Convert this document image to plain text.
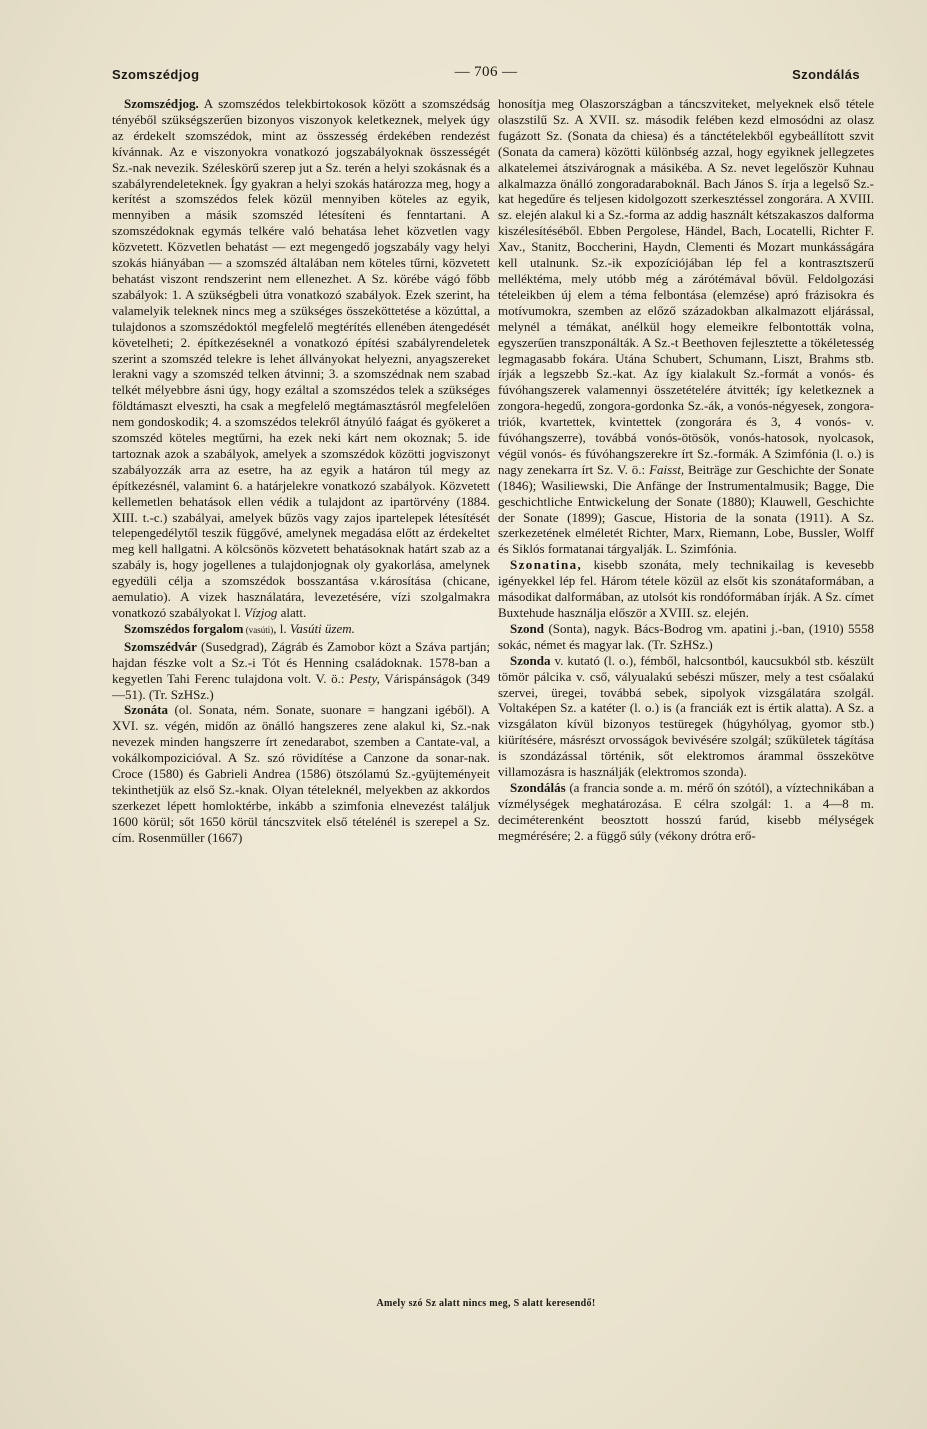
Szomszédjog	— 706 —	Szondálás

Szomszédjog. A szomszédos telekbirtokosok között a szomszédság tényéből szükségszerűen bizonyos viszonyok keletkeznek, melyek úgy az érdekelt szomszédok, mint az összesség érdekében rendezést kívánnak. Az e viszonyokra vonatkozó jogszabályoknak összességét Sz.-nak nevezik. Széleskörű szerep jut a Sz. terén a helyi szokásnak és a szabályrendeleteknek. Így gyakran a helyi szokás határozza meg, hogy a kerítést a szomszédos felek közül mennyiben köteles az egyik, mennyiben a másik szomszéd létesíteni és fenntartani. A szomszédoknak egymás telkére való behatása lehet közvetlen vagy közvetett. Közvetlen behatást — ezt megengedő jogszabály vagy helyi szokás hiányában — a szomszéd általában nem köteles tűrni, közvetett behatást viszont rendszerint nem ellenezhet. A Sz. körébe vágó főbb szabályok: 1. A szükségbeli útra vonatkozó szabályok. Ezek szerint, ha valamelyik teleknek nincs meg a szükséges összeköttetése a közúttal, a tulajdonos a szomszédoktól megfelelő megtérítés ellenében átengedését követelheti; 2. építkezéseknél a vonatkozó építési szabályrendeletek szerint a szomszéd telekre is lehet állványokat helyezni, anyagszereket lerakni vagy a szomszéd telken átvinni; 3. a szomszédnak nem szabad telkét mélyebbre ásni úgy, hogy ezáltal a szomszédos telek a szükséges földtámaszt elveszti, ha csak a megfelelő megtámasztásról megfelelően nem gondoskodik; 4. a szomszédos telekről átnyúló faágat és gyökeret a szomszéd köteles megtűrni, ha ezek neki kárt nem okoznak; 5. ide tartoznak azok a szabályok, amelyek a szomszédok közötti jogviszonyt szabályozzák arra az esetre, ha az egyik a határon túl megy az építkezésnél, valamint 6. a határjelekre vonatkozó szabályok. Közvetett kellemetlen behatások ellen védik a tulajdont az ipartörvény (1884. XIII. t.-c.) szabályai, amelyek bűzös vagy zajos ipartelepek létesítését telepengedélytől teszik függővé, amelynek megadása előtt az érdekeltet meg kell hallgatni. A kölcsönös közvetett behatásoknak határt szab az a szabály is, hogy jogellenes a tulajdonjognak oly gyakorlása, amelynek egyedüli célja a szomszédok bosszantása v.károsítása (chicane, aemulatio). A vizek használatára, levezetésére, vízi szolgalmakra vonatkozó szabályokat l. Vízjog alatt.

Szomszédos forgalom (vasúti), l. Vasúti üzem.

Szomszédvár (Susedgrad), Zágráb és Zamobor közt a Száva partján; hajdan fészke volt a Sz.-i Tót és Henning családoknak. 1578-ban a kegyetlen Tahi Ferenc tulajdona volt. V. ö.: Pesty, Várispánságok (349—51). (Tr. SzHSz.)

Szonáta (ol. Sonata, ném. Sonate, suonare = hangzani igéből). A XVI. sz. végén, midőn az önálló hangszeres zene alakul ki, Sz.-nak nevezek minden hangszerre írt zenedarabot, szemben a Cantate-val, a vokálkompozicióval. A Sz. szó rövidítése a Canzone da sonar-nak. Croce (1580) és Gabrieli Andrea (1586) ötszólamú Sz.-gyüjteményeit tekinthetjük az első Sz.-knak. Olyan tételeknél, melyekben az akkordos szerkezet lépett homloktérbe, inkább a szimfonia elnevezést találjuk 1600 körül; sőt 1650 körül táncszvitek első tételénél is szerepel a Sz. cím. Rosenmüller (1667)

honosítja meg Olaszországban a táncszviteket, melyeknek első tétele olaszstilű Sz. A XVII. sz. második felében kezd elmosódni az olasz fugázott Sz. (Sonata da chiesa) és a tánctételekből egybeállított szvit (Sonata da camera) közötti különbség azzal, hogy egyiknek jellegzetes alkatelemei átszivárognak a másikéba. A Sz. nevet legelőször Kuhnau alkalmazza önálló zongoradaraboknál. Bach János S. írja a legelső Sz.-kat hegedűre és teljesen kidolgozott szerkesztéssel zongorára. A XVIII. sz. elején alakul ki a Sz.-forma az addig használt kétszakaszos dalforma kiszélesítéséből. Ebben Pergolese, Händel, Bach, Locatelli, Richter F. Xav., Stanitz, Boccherini, Haydn, Clementi és Mozart munkásságára kell utalnunk. Sz.-ik expozíciójában lép fel a kontrasztszerű melléktéma, mely utóbb még a zárótémával bővül. Feldolgozási tételeikben új elem a téma felbontása (elemzése) apró frázisokra és motívumokra, szemben az előző századokban alkalmazott eljárással, melynél a témákat, anélkül hogy elemeikre felbontották volna, egyszerűen transzponálták. A Sz.-t Beethoven fejlesztette a tökéletesség legmagasabb fokára. Utána Schubert, Schumann, Liszt, Brahms stb. írják a legszebb Sz.-kat. Az így kialakult Sz.-formát a vonós- és fúvóhangszerek valamennyi összetételére átvitték; így keletkeznek a zongora-hegedű, zongora-gordonka Sz.-ák, a vonós-négyesek, zongora-triók, kvartettek, kvintettek (zongorára és 3, 4 vonós- v. fúvóhangszerre), továbbá vonós-ötösök, vonós-hatosok, nyolcasok, végül vonós- és fúvóhangszerekre írt Sz.-formák. A Szimfónia (l. o.) is nagy zenekarra írt Sz. V. ö.: Faisst, Beiträge zur Geschichte der Sonate (1846); Wasiliewski, Die Anfänge der Instrumentalmusik; Bagge, Die geschichtliche Entwickelung der Sonate (1880); Klauwell, Geschichte der Sonate (1899); Gascue, Historia de la sonata (1911). A Sz. szerkezetének elméletét Richter, Marx, Riemann, Lobe, Bussler, Wolff és Siklós formatanai tárgyalják. L. Szimfónia.

Szonatina, kisebb szonáta, mely technikailag is kevesebb igényekkel lép fel. Három tétele közül az elsőt kis szonátaformában, a másodikat dalformában, az utolsót kis rondóformában írják. A Sz. címet Buxtehude használja először a XVIII. sz. elején.

Szond (Sonta), nagyk. Bács-Bodrog vm. apatini j.-ban, (1910) 5558 sokác, német és magyar lak. (Tr. SzHSz.)

Szonda v. kutató (l. o.), fémből, halcsontból, kaucsukból stb. készült tömör pálcika v. cső, vályualakú sebészi műszer, mely a test csőalakú szervei, üregei, továbbá sebek, sipolyok vizsgálatára szolgál. Voltaképen Sz. a katéter (l. o.) is (a franciák ezt is értik alatta). A Sz. a vizsgálaton kívül bizonyos testüregek (húgyhólyag, gyomor stb.) kiürítésére, másrészt orvosságok bevivésére szolgál; szűkületek tágítása is szondázással történik, sőt elektromos árammal összekötve villamozásra is használják (elektromos szonda).

Szondálás (a francia sonde a. m. mérő ón szótól), a víztechnikában a vízmélységek meghatározása. E célra szolgál: 1. a 4—8 m. deciméterenként beosztott hosszú farúd, kisebb mélységek megmérésére; 2. a függő súly (vékony drótra erő-

Amely szó Sz alatt nincs meg, S alatt keresendő!
